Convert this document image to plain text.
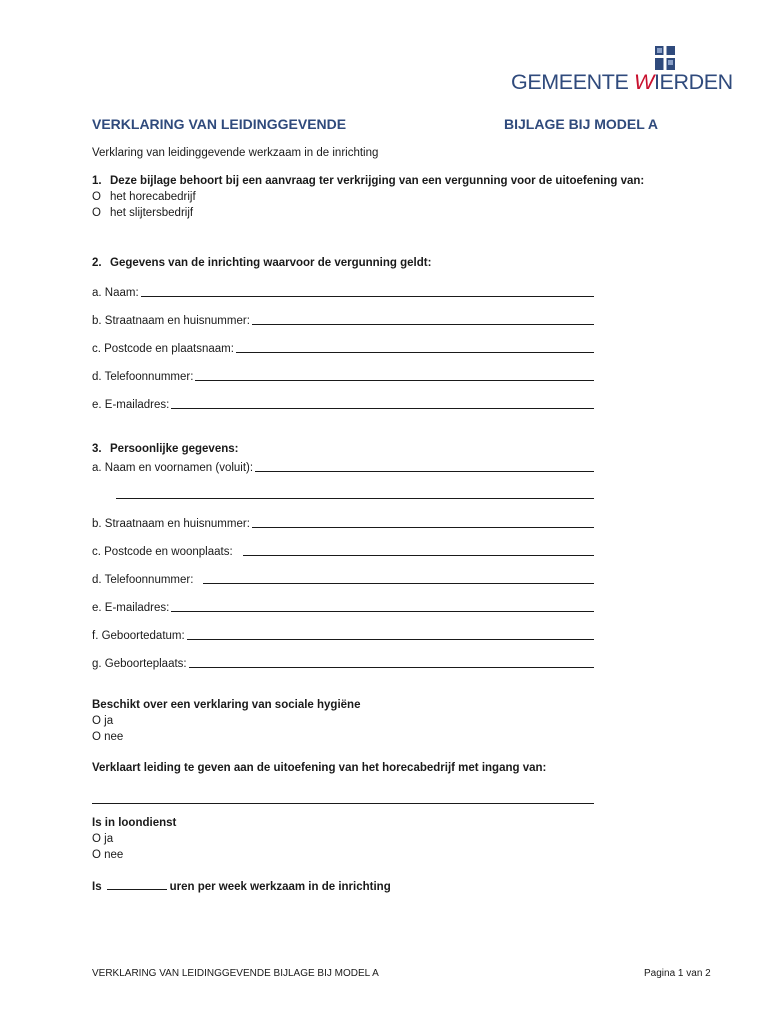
GEMEENTE WIERDEN
VERKLARING VAN LEIDINGGEVENDE	BIJLAGE BIJ MODEL A
Verklaring van leidinggevende werkzaam in de inrichting
1. Deze bijlage behoort bij een aanvraag ter verkrijging van een vergunning voor de uitoefening van:
O het horecabedrijf
O het slijtersbedrijf
2. Gegevens van de inrichting waarvoor de vergunning geldt:
a. Naam:
b. Straatnaam en huisnummer:
c. Postcode en plaatsnaam:
d. Telefoonnummer:
e. E-mailadres:
3. Persoonlijke gegevens:
a. Naam en voornamen (voluit):
b. Straatnaam en huisnummer:
c. Postcode en woonplaats:
d. Telefoonnummer:
e. E-mailadres:
f. Geboortedatum:
g. Geboorteplaats:
Beschikt over een verklaring van sociale hygiëne
O ja
O nee
Verklaart leiding te geven aan de uitoefening van het horecabedrijf met ingang van:
Is in loondienst
O ja
O nee
Is	uren per week werkzaam in de inrichting
VERKLARING VAN LEIDINGGEVENDE BIJLAGE BIJ MODEL A	Pagina 1 van 2
